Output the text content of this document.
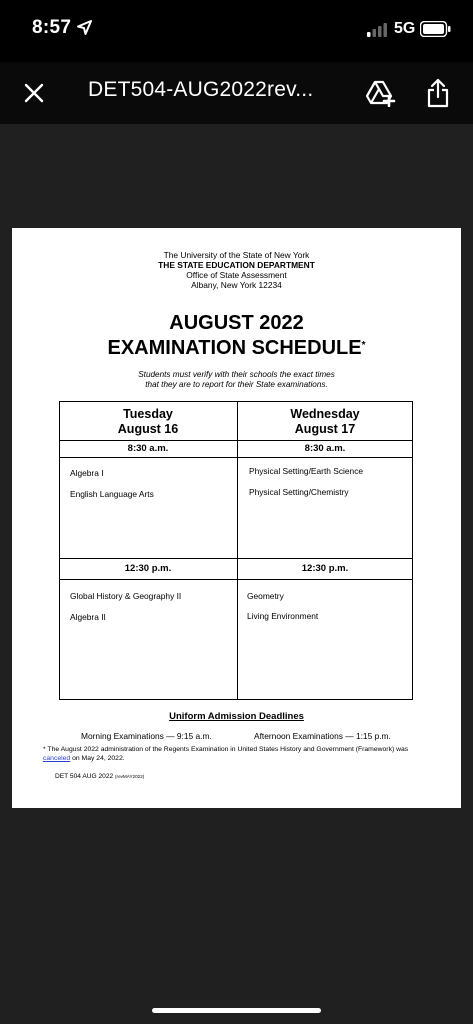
8:57	5G
DET504-AUG2022rev...
The University of the State of New York
THE STATE EDUCATION DEPARTMENT
Office of State Assessment
Albany, New York 12234
AUGUST 2022
EXAMINATION SCHEDULE*
Students must verify with their schools the exact times
that they are to report for their State examinations.
Tuesday
August 16
8:30 a.m.
Algebra I
English Language Arts
12:30 p.m.
Global History & Geography II
Algebra II
Wednesday
August 17
8:30 a.m.
Physical Setting/Earth Science
Physical Setting/Chemistry
12:30 p.m.
Geometry
Living Environment
Uniform Admission Deadlines
Morning Examinations — 9:15 a.m.	Afternoon Examinations — 1:15 p.m.
* The August 2022 administration of the Regents Examination in United States History and Government (Framework) was canceled on May 24, 2022.
DET 504 AUG 2022 (revMAY2022)
